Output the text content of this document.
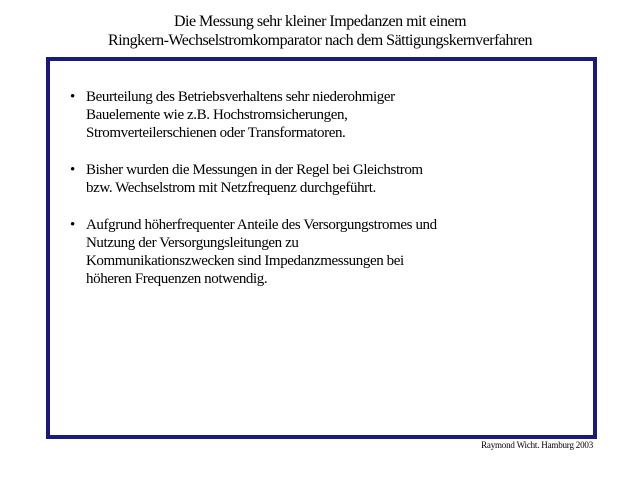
Die Messung sehr kleiner Impedanzen mit einem
Ringkern-Wechselstromkomparator nach dem Sättigungskernverfahren
• Beurteilung des Betriebsverhaltens sehr niederohmiger
Bauelemente wie z.B. Hochstromsicherungen,
Stromverteilerschienen oder Transformatoren.
• Bisher wurden die Messungen in der Regel bei Gleichstrom
bzw. Wechselstrom mit Netzfrequenz durchgeführt.
• Aufgrund höherfrequenter Anteile des Versorgungstromes und
Nutzung der Versorgungsleitungen zu
Kommunikationszwecken sind Impedanzmessungen bei
höheren Frequenzen notwendig.
Raymond Wicht. Hamburg 2003
